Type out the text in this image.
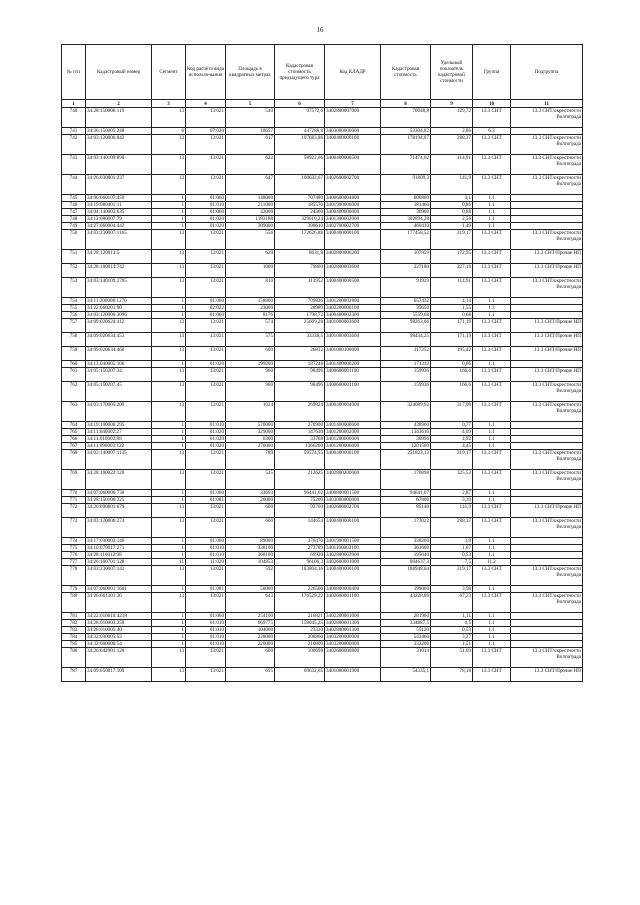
16
№ п/п	Кадастровый номер	Сегмент	Код расчёта вида использо-вания	Площадь в квадратных метрах	Кадастровая стоимость предыдущего тура	Код КЛАДР	Кадастровая стоимость	Удельный показатель кадастровой стоимости	Группа	Подгруппа
1	2	3	4	5	6	7	8	9	10	11
740	34:28:150006:119	13	13:021	540	97572,6	3402800007000	70048,8	129,72	13.3 СНТ	13.3 СНТ/окрестности Волгограда
741	34:36:150005:248	6	07:020	18657	447288,8	3403000000000	53304,82	2,86	6.3	
742	34:03:120006:842	13	13:021	617	107683,86	3400400000100	178194,07	288,37	13.3 СНТ	13.3 СНТ/окрестности Волгограда
743	34:03:140109:890	13	13:021	622	58922,06	3400400000500	71474,02	114,91	13.3 СНТ	13.3 СНТ/окрестности Волгограда
744	34:26:030801:237	13	13:021	647	100632,67	3402600002700	91809,3	141,9	13.3 СНТ	13.3 СНТ/окрестности Волгограда
745	34:06:060107:450	1	01:060	148000	707480	3400600004800	606800	4,1	1.1	
746	34:19:080401:11	1	01:010	211000	185570	3401900006000	181460	0,86	1.1	
747	34:04:140003:635	1	01:060	42000	24360	3400400006000	36960	0,88	1.1	
748	34:12:080007:79	1	01:020	1183188	329010,24	3401300002000	302894,28	2,56	1.1	
749	34:27:060004:442	1	01:020	309000	398610	3402700002700	460410	1,49	1.1	
750	34:03:230007:1165	13	13:021	556	172626,88	3400400000100	177458,52	319,17	13.3 СНТ	13.3 СНТ/окрестности Волгограда
751	34:28:120013:5	13	13:021	629	8631,8	3402800006200	107859	172,95	13.3 СНТ	13.3 СНТ/Прочие НП
752	34:28:180014:742	13	13:021	1000	79860	3402800003600	227180	227,18	13.3 СНТ	13.3 СНТ/Прочие НП
753	34:03:140109:2795	13	13:021	810	113952	3400400000500	91929	114,91	13.3 СНТ	13.3 СНТ/окрестности Волгограда
754	34:11:200000:1270	1	01:060	158800	709836	3401200002800	657432	4,14	1.1	
755	34:22:060201:90	1	02:022	23000	28980	3402200000100	35650	1,55	1.3	
756	34:03:120006:3096	1	01:060	8176	1798,72	3400400002300	5559,68	0,68	1.1	
757	34:09:020624:412	13	13:021	574	25609,28	3401000003600	98263,06	171,19	13.3 СНТ	13.3 СНТ/Прочие НП
758	34:09:020634:453	13	13:021	575	33338,5	3401000003600	98434,25	171,19	13.3 СНТ	13.3 СНТ/Прочие НП
759	34:09:020634:460	13	13:021	600	26832	3401000100000	117252	195,42	13.3 СНТ	13.3 СНТ/Прочие НП
760	34:13:040005:106	1	01:020	199200	187248	3401400000200	171312	0,86	1.1	
761	34:05:150207:34	13	13:021	960	98496	3400600001100	159936	166,6	13.3 СНТ	13.3 СНТ/Прочие НП
762	34:05:150207:45	13	13:021	960	98496	3400600001100	159936	166,6	13.3 СНТ	13.3 СНТ/окрестности Волгограда
763	34:03:170005:209	13	13:021	1024	269824	3400400004000	324089,92	317,08	13.3 СНТ	13.3 СНТ/окрестности Волгограда
764	34:19:100006:295	1	01:010	570000	270900	3401400000000	438900	0,77	1.1	
765	34:11:040002:27	1	01:020	329000	147630	3401200002000	1343610	4,09	1.1	
766	34:11:010002:88	1	01:020	6300	33768	3401200000000	30996	4,92	1.1	
767	34:11:090003:122	1	01:020	270000	1366200	3401200006000	1201500	4,45	1.1	
768	34:03:140007:1135	13	13:021	789	59574,55	3400400000100	251823,13	319,17	13.3 СНТ	13.3 СНТ/окрестности Волгограда
769	34:28:100022:120	13	13:021	525	212625	3402800200000	170898	325,52	13.3 СНТ	13.3 СНТ/окрестности Волгограда
770	34:07:060006:730	1	01:060	33693	96441,62	3400800001500	94641,07	2,87	1.1	
771	34:28:150100:225	1	01:081	20000	75200	3403000000000	67800	3,39	1.1	
772	34:26:090801:679	13	13:021	600	92760	3402600002700	85140	141,9	13.3 СНТ	13.3 СНТ/Прочие НП
773	34:03:120006:274	13	13:021	600	144654	3400400000100	173022	288,37	13.3 СНТ	13.3 СНТ/окрестности Волгограда
774	34:17:030003:146	1	01:060	89000	376470	3401900001500	338200	3,8	1.1	
775	34:10:070017:271	1	01:010	338100	273789	3401100002100	361660	1,07	1.1	
776	34:28:110012:98	1	01:010	368100	69920	3402800003900	195040	0,53	1.1	
777	34:26:100701:128	11	11:020	104853	96106,3	3402600001000	804637,3	7,5	11.2	
778	34:03:230007:142	13	13:021	592	183804,16	3400400000100	188948,64	319,17	13.3 СНТ	13.3 СНТ/окрестности Волгограда
779	34:07:060001:1601	1	01:081	50000	226500	3400800000400	199000	3,98	1.1	
780	34:26:061301:36	13	13:021	643	176529,22	3402600001100	43228,89	67,23	13.3 СНТ	13.3 СНТ/окрестности Волгограда
781	34:22:010010:4218	1	01:060	254100	216821	3402200001000	281960	1,11	1.1	
782	34:28:010003:258	1	01:010	669775	158045,25	3402800001300	334887,5	0,5	1.1	
783	34:28:010005:40	1	01:010	104000	23320	3402800001300	55120	0,53	1.1	
784	34:32:030005:53	1	01:010	228000	208860	3403200000000	543460	3,27	1.1	
785	34:32:000000:54	1	01:010	220000	210800	3403200000000	332200	1,51	1.1	
786	34:26:042901:120	13	13:021	600	100698	3402600000800	31014	51,69	13.3 СНТ	13.3 СНТ/окрестности Волгограда
787	34:09:050817:109	13	13:021	695	69632,65	3401000001900	54335,1	78,18	13.3 СНТ	13.3 СНТ/Прочие НП
